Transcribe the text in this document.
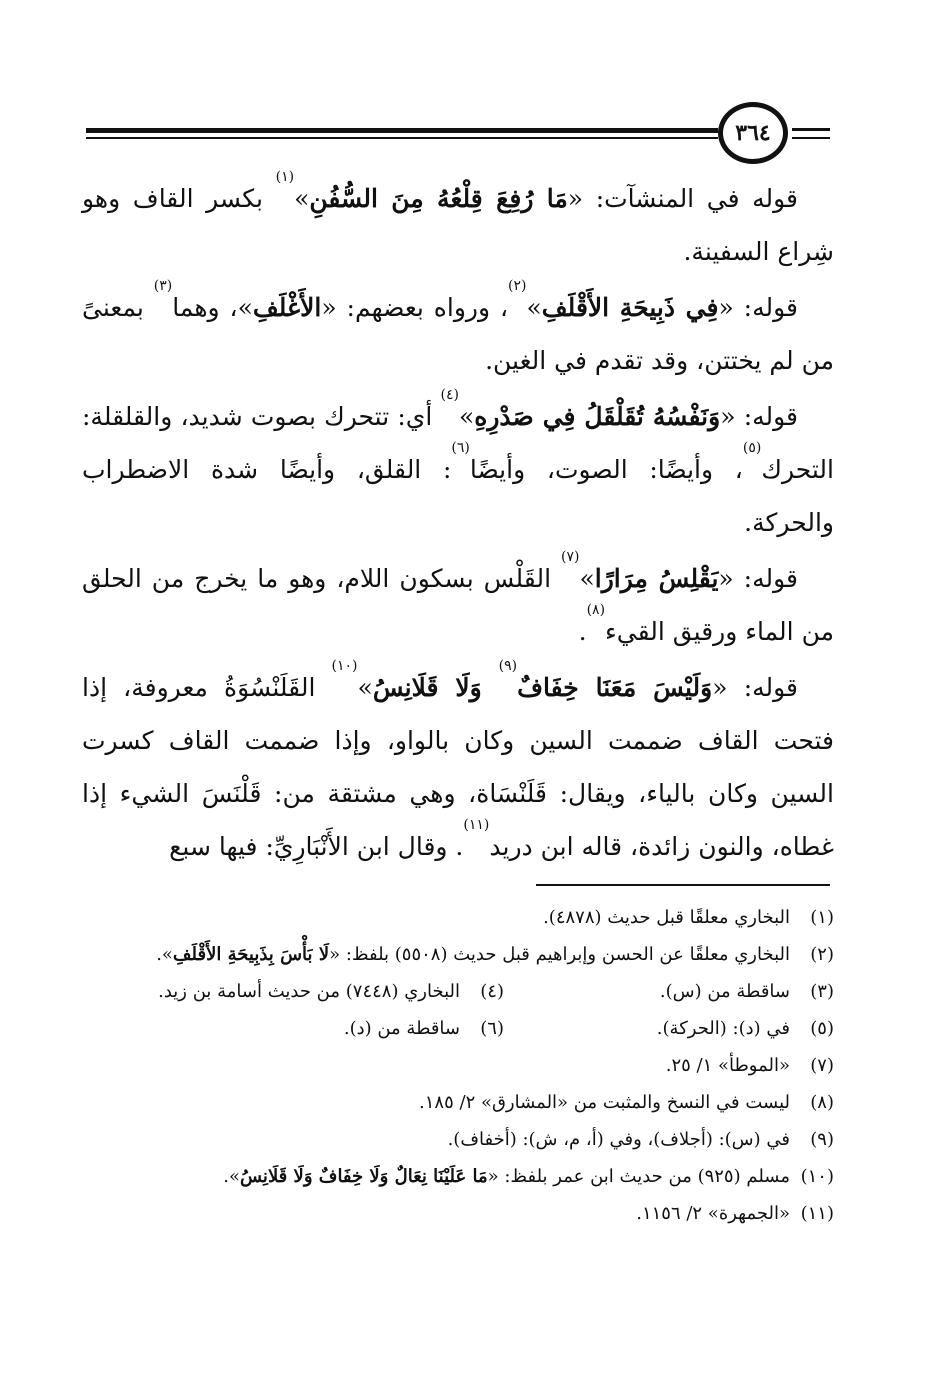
٣٦٤

قوله في المنشآت: «مَا رُفِعَ قِلْعُهُ مِنَ السُّفُنِ»$^{(١)}$ بكسر القاف وهو شِراع السفينة.

قوله: «فِي ذَبِيحَةِ الأَقْلَفِ»$^{(٢)}$، ورواه بعضهم: «الأَغْلَفِ»، وهما$^{(٣)}$ بمعنىً من لم يختتن، وقد تقدم في الغين.

قوله: «وَنَفْسُهُ تُقَلْقَلُ فِي صَدْرِهِ»$^{(٤)}$ أي: تتحرك بصوت شديد، والقلقلة: التحرك$^{(٥)}$، وأيضًا: الصوت، وأيضًا$^{(٦)}$: القلق، وأيضًا شدة الاضطراب والحركة.

قوله: «يَقْلِسُ مِرَارًا»$^{(٧)}$ القَلْس بسكون اللام، وهو ما يخرج من الحلق من الماء ورقيق القيء$^{(٨)}$.

قوله: «وَلَيْسَ مَعَنَا خِفَافٌ$^{(٩)}$ وَلَا قَلَانِسُ»$^{(١٠)}$ القَلَنْسُوَةُ معروفة، إذا فتحت القاف ضممت السين وكان بالواو، وإذا ضممت القاف كسرت السين وكان بالياء، ويقال: قَلَنْسَاة، وهي مشتقة من: قَلْنَسَ الشيء إذا غطاه، والنون زائدة، قاله ابن دريد$^{(١١)}$. وقال ابن الأَنْبَارِيِّ: فيها سبع

(١)
البخاري معلقًا قبل حديث (٤٨٧٨).
(٢)
البخاري معلقًا عن الحسن وإبراهيم قبل حديث (٥٥٠٨) بلفظ: «لَا بَأْسَ بِذَبِيحَةِ الأَقْلَفِ».
(٣)
ساقطة من (س).
(٤)
البخاري (٧٤٤٨) من حديث أسامة بن زيد.
(٥)
في (د): (الحركة).
(٦)
ساقطة من (د).
(٧)
«الموطأ» ١/ ٢٥.
(٨)
ليست في النسخ والمثبت من «المشارق» ٢/ ١٨٥.
(٩)
في (س): (أجلاف)، وفي (أ، م، ش): (أخفاف).
(١٠)
مسلم (٩٢٥) من حديث ابن عمر بلفظ: «مَا عَلَيْنَا نِعَالٌ وَلَا خِفَافٌ وَلَا قَلَانِسُ».
(١١)
«الجمهرة» ٢/ ١١٥٦.
